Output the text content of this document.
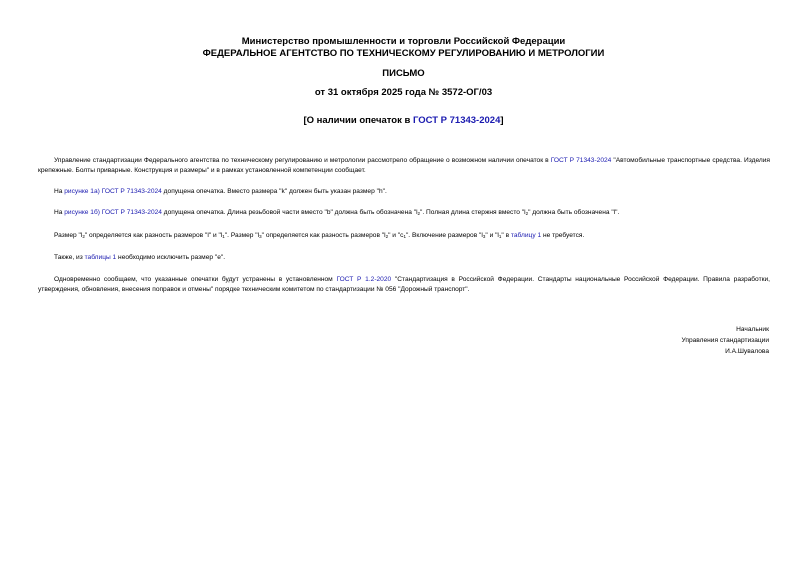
Министерство промышленности и торговли Российской Федерации
ФЕДЕРАЛЬНОЕ АГЕНТСТВО ПО ТЕХНИЧЕСКОМУ РЕГУЛИРОВАНИЮ И МЕТРОЛОГИИ
ПИСЬМО
от 31 октября 2025 года № 3572-ОГ/03
[О наличии опечаток в ГОСТ Р 71343-2024]
Управление стандартизации Федерального агентства по техническому регулированию и метрологии рассмотрело обращение о возможном наличии опечаток в ГОСТ Р 71343-2024 "Автомобильные транспортные средства. Изделия крепежные. Болты приварные. Конструкция и размеры" и в рамках установленной компетенции сообщает.
На рисунке 1а) ГОСТ Р 71343-2024 допущена опечатка. Вместо размера "k" должен быть указан размер "h".
На рисунке 1б) ГОСТ Р 71343-2024 допущена опечатка. Длина резьбовой части вместо "b" должна быть обозначена "$l_2$". Полная длина стержня вместо "$l_2$" должна быть обозначена "l".
Размер "$l_2$" определяется как разность размеров "l" и "$l_1$". Размер "$l_3$" определяется как разность размеров "$l_2$" и "$c_1$". Включение размеров "$l_3$" и "$l_1$" в таблицу 1 не требуется.
Также, из таблицы 1 необходимо исключить размер "e".
Одновременно сообщаем, что указанные опечатки будут устранены в установленном ГОСТ Р 1.2-2020 "Стандартизация в Российской Федерации. Стандарты национальные Российской Федерации. Правила разработки, утверждения, обновления, внесения поправок и отмены" порядке техническим комитетом по стандартизации № 056 "Дорожный транспорт".
Начальник
Управления стандартизации
И.А.Шувалова
